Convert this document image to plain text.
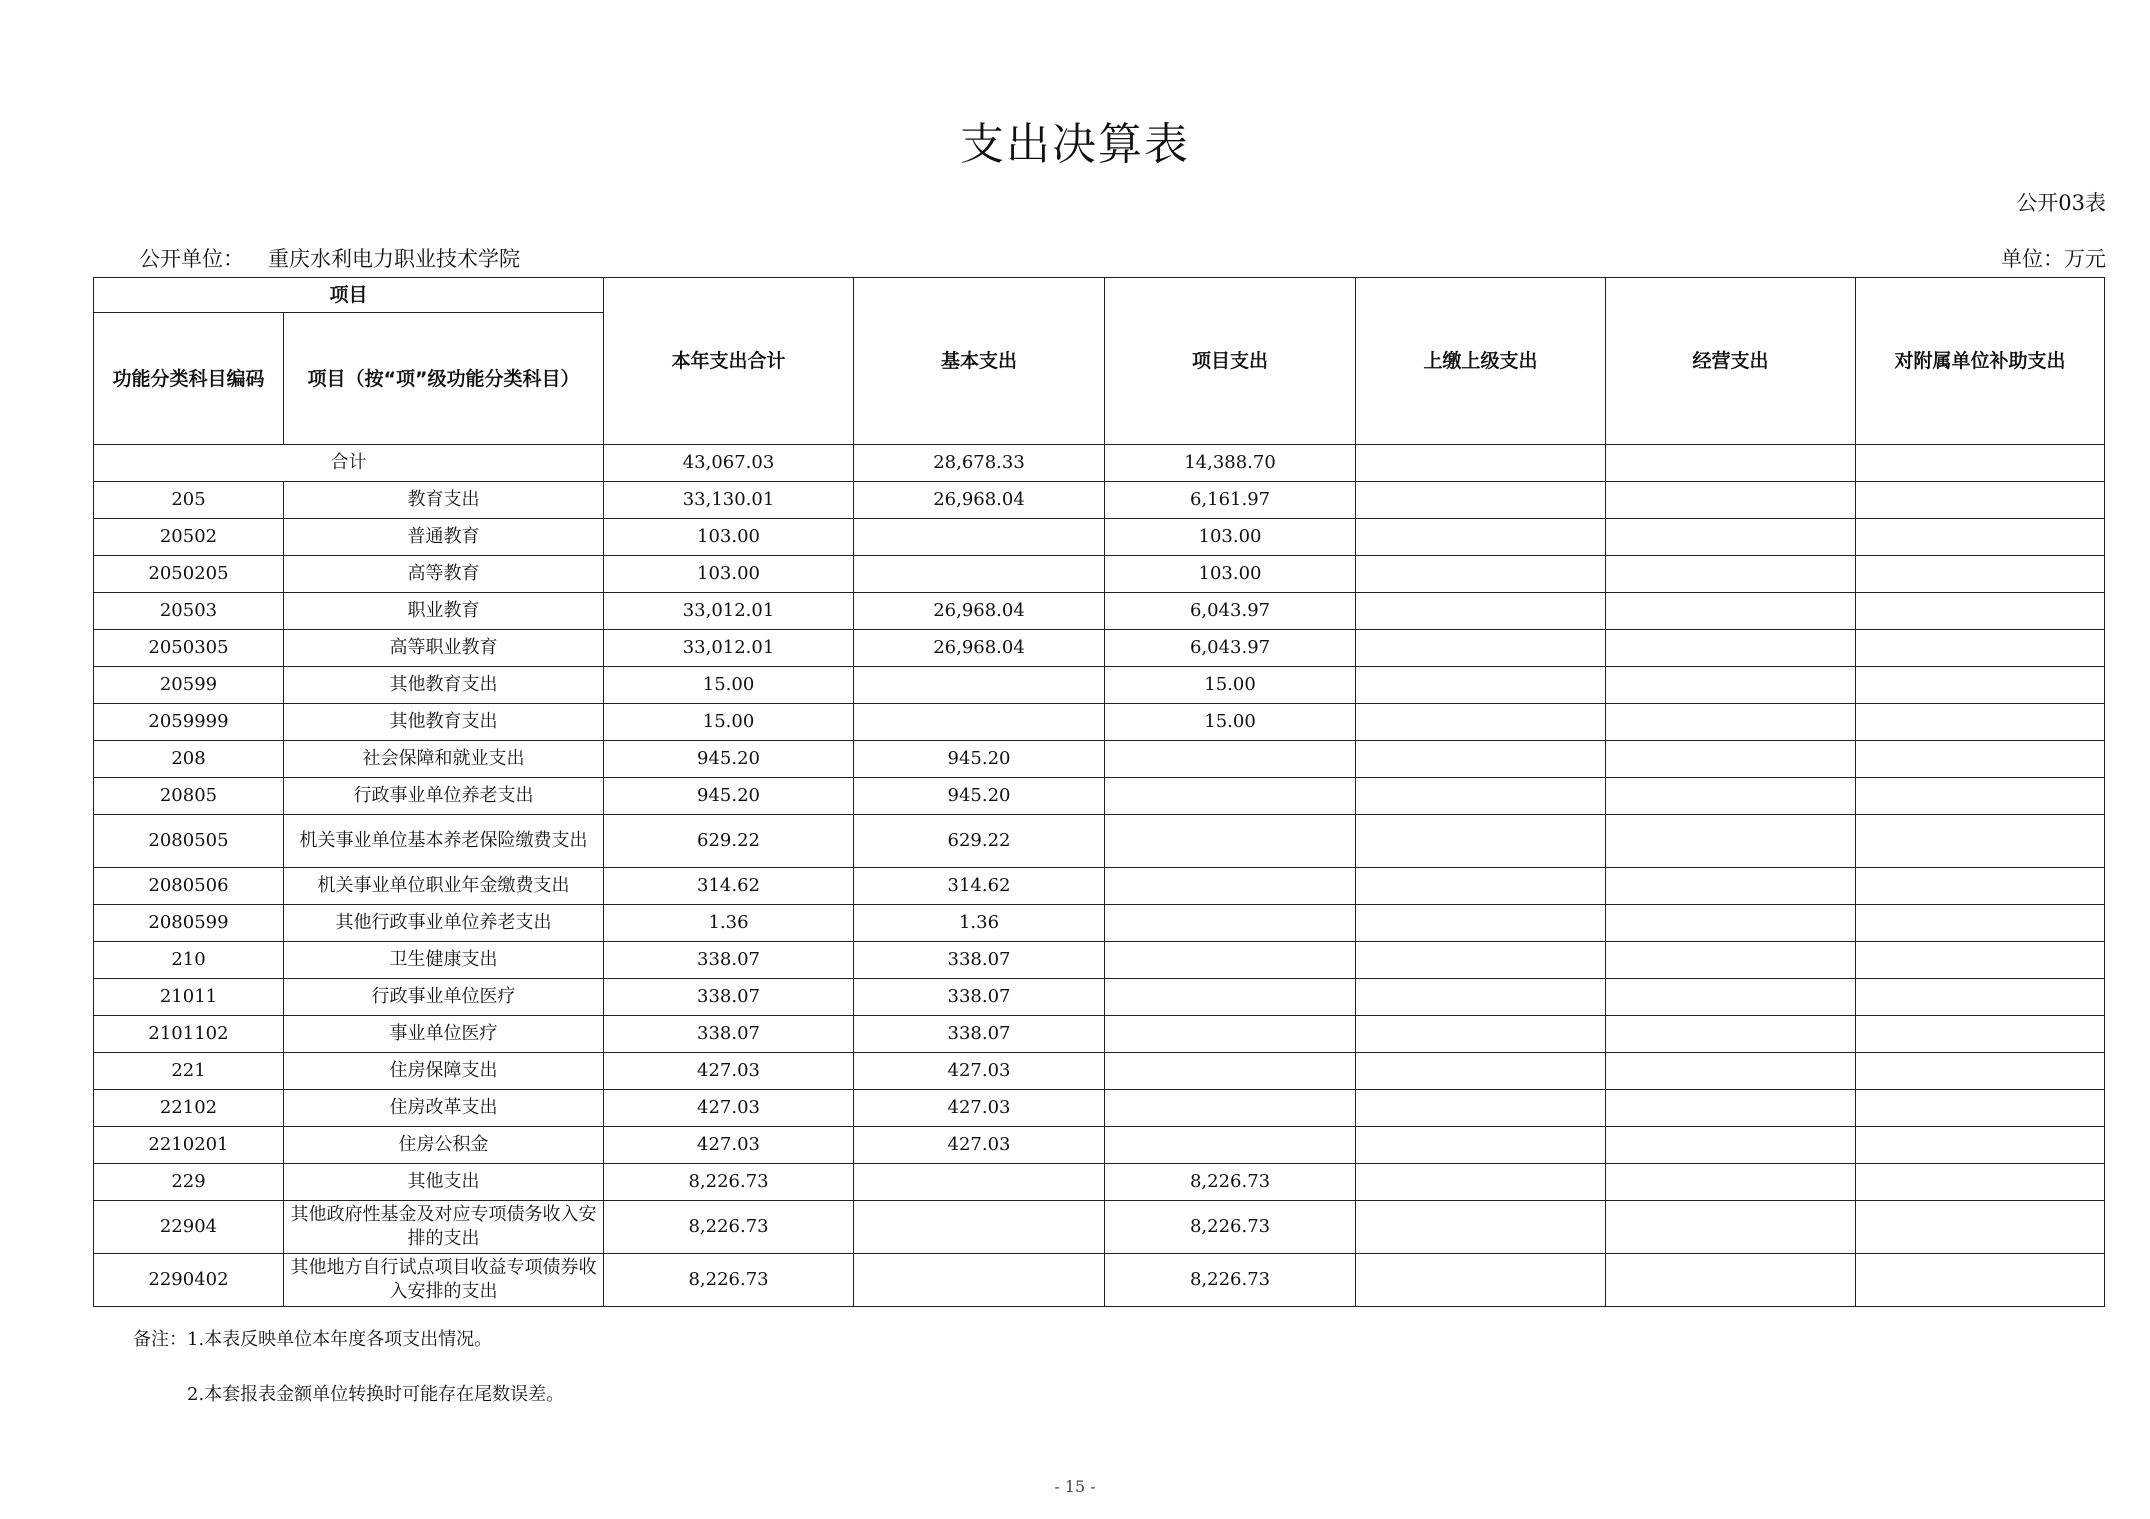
支出决算表
公开03表
公开单位： 重庆水利电力职业技术学院	单位：万元
项目		本年支出合计	基本支出	项目支出	上缴上级支出	经营支出	对附属单位补助支出
功能分类科目编码	项目（按“项”级功能分类科目）						
合计		43,067.03	28,678.33	14,388.70			
205	教育支出	33,130.01	26,968.04	6,161.97			
20502	普通教育	103.00		103.00			
2050205	高等教育	103.00		103.00			
20503	职业教育	33,012.01	26,968.04	6,043.97			
2050305	高等职业教育	33,012.01	26,968.04	6,043.97			
20599	其他教育支出	15.00		15.00			
2059999	其他教育支出	15.00		15.00			
208	社会保障和就业支出	945.20	945.20				
20805	行政事业单位养老支出	945.20	945.20				
2080505	机关事业单位基本养老保险缴费支出	629.22	629.22				
2080506	机关事业单位职业年金缴费支出	314.62	314.62				
2080599	其他行政事业单位养老支出	1.36	1.36				
210	卫生健康支出	338.07	338.07				
21011	行政事业单位医疗	338.07	338.07				
2101102	事业单位医疗	338.07	338.07				
221	住房保障支出	427.03	427.03				
22102	住房改革支出	427.03	427.03				
2210201	住房公积金	427.03	427.03				
229	其他支出	8,226.73		8,226.73			
22904	其他政府性基金及对应专项债务收入安排的支出	8,226.73		8,226.73			
2290402	其他地方自行试点项目收益专项债券收入安排的支出	8,226.73		8,226.73			
备注：1.本表反映单位本年度各项支出情况。
2.本套报表金额单位转换时可能存在尾数误差。
- 15 -
